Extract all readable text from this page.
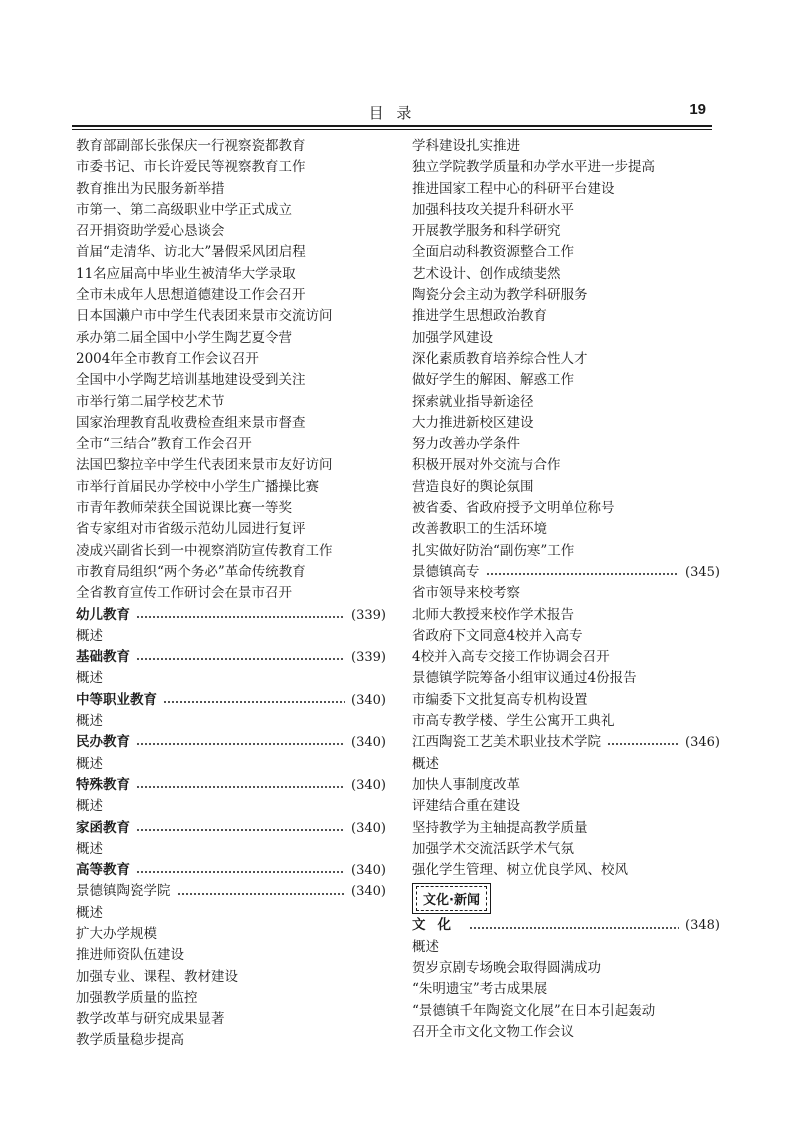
目 录	19
教育部副部长张保庆一行视察瓷都教育
市委书记、市长许爱民等视察教育工作
教育推出为民服务新举措
市第一、第二高级职业中学正式成立
召开捐资助学爱心恳谈会
首届“走清华、访北大”暑假采风团启程
11名应届高中毕业生被清华大学录取
全市未成年人思想道德建设工作会召开
日本国濑户市中学生代表团来景市交流访问
承办第二届全国中小学生陶艺夏令营
2004年全市教育工作会议召开
全国中小学陶艺培训基地建设受到关注
市举行第二届学校艺术节
国家治理教育乱收费检查组来景市督查
全市“三结合”教育工作会召开
法国巴黎拉辛中学生代表团来景市友好访问
市举行首届民办学校中小学生广播操比赛
市青年教师荣获全国说课比赛一等奖
省专家组对市省级示范幼儿园进行复评
凌成兴副省长到一中视察消防宣传教育工作
市教育局组织“两个务必”革命传统教育
全省教育宣传工作研讨会在景市召开
幼儿教育	(339)
概述
基础教育	(339)
概述
中等职业教育	(340)
概述
民办教育	(340)
概述
特殊教育	(340)
概述
家函教育	(340)
概述
高等教育	(340)
景德镇陶瓷学院	(340)
概述
扩大办学规模
推进师资队伍建设
加强专业、课程、教材建设
加强教学质量的监控
教学改革与研究成果显著
教学质量稳步提高
学科建设扎实推进
独立学院教学质量和办学水平进一步提高
推进国家工程中心的科研平台建设
加强科技攻关提升科研水平
开展教学服务和科学研究
全面启动科教资源整合工作
艺术设计、创作成绩斐然
陶瓷分会主动为教学科研服务
推进学生思想政治教育
加强学风建设
深化素质教育培养综合性人才
做好学生的解困、解惑工作
探索就业指导新途径
大力推进新校区建设
努力改善办学条件
积极开展对外交流与合作
营造良好的舆论氛围
被省委、省政府授予文明单位称号
改善教职工的生活环境
扎实做好防治“副伤寒”工作
景德镇高专	(345)
省市领导来校考察
北师大教授来校作学术报告
省政府下文同意4校并入高专
4校并入高专交接工作协调会召开
景德镇学院筹备小组审议通过4份报告
市编委下文批复高专机构设置
市高专教学楼、学生公寓开工典礼
江西陶瓷工艺美术职业技术学院	(346)
概述
加快人事制度改革
评建结合重在建设
坚持教学为主轴提高教学质量
加强学术交流活跃学术气氛
强化学生管理、树立优良学风、校风
文化·新闻
文化	(348)
概述
贺岁京剧专场晚会取得圆满成功
“朱明遗宝”考古成果展
“景德镇千年陶瓷文化展”在日本引起轰动
召开全市文化文物工作会议
